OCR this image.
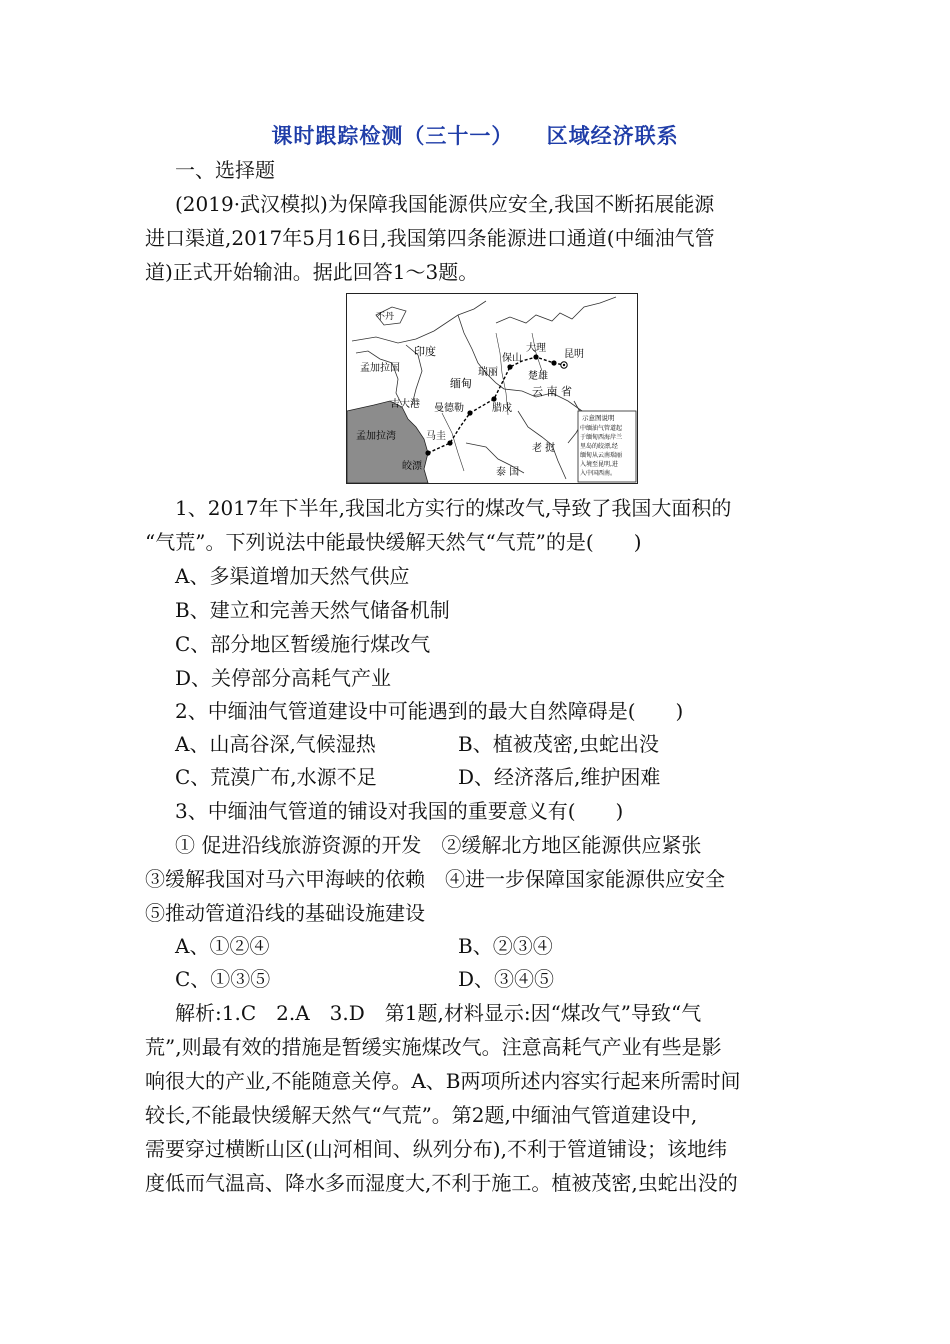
课时跟踪检测（三十一）    区域经济联系
一、选择题
(2019·武汉模拟)为保障我国能源供应安全,我国不断拓展能源
进口渠道,2017年5月16日,我国第四条能源进口通道(中缅油气管
道)正式开始输油。据此回答1～3题。
不丹
印度
孟加拉国
吉大港
孟加拉湾
缅甸
曼德勒
马圭
皎漂
瑞丽
腊戍
保山
大理
楚雄
昆明
云 南 省
老 挝
泰 国
示意图说明
中缅油气管道起
于缅甸西海岸兰
里岛的皎漂,经
缅甸从云南瑞丽
入境至昆明,进
入中国西南。
1、2017年下半年,我国北方实行的煤改气,导致了我国大面积的
“气荒”。下列说法中能最快缓解天然气“气荒”的是(　　)
A、多渠道增加天然气供应
B、建立和完善天然气储备机制
C、部分地区暂缓施行煤改气
D、关停部分高耗气产业
2、中缅油气管道建设中可能遇到的最大自然障碍是(　　)
A、山高谷深,气候湿热	B、植被茂密,虫蛇出没
C、荒漠广布,水源不足	D、经济落后,维护困难
3、中缅油气管道的铺设对我国的重要意义有(　　)
① 促进沿线旅游资源的开发　②缓解北方地区能源供应紧张
③缓解我国对马六甲海峡的依赖　④进一步保障国家能源供应安全
⑤推动管道沿线的基础设施建设
A、①②④	B、②③④
C、①③⑤	D、③④⑤
解析:1.C　2.A　3.D　第1题,材料显示:因“煤改气”导致“气
荒”,则最有效的措施是暂缓实施煤改气。注意高耗气产业有些是影
响很大的产业,不能随意关停。A、B两项所述内容实行起来所需时间
较长,不能最快缓解天然气“气荒”。第2题,中缅油气管道建设中,
需要穿过横断山区(山河相间、纵列分布),不利于管道铺设；该地纬
度低而气温高、降水多而湿度大,不利于施工。植被茂密,虫蛇出没的
